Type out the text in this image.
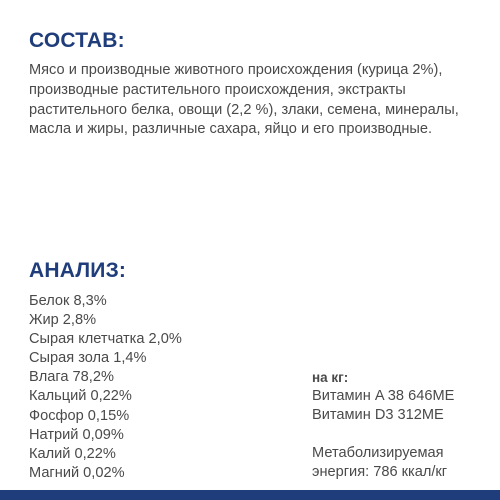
СОСТАВ:

Мясо и производные животного происхождения (курица 2%), производные растительного происхождения, экстракты растительного белка, овощи (2,2 %), злаки, семена, минералы, масла и жиры, различные сахара, яйцо и его производные.

АНАЛИЗ:
Белок 8,3%
Жир 2,8%
Сырая клетчатка 2,0%
Сырая зола 1,4%
Влага 78,2%
Кальций 0,22%
Фосфор 0,15%
Натрий 0,09%
Калий 0,22%
Магний 0,02%
на кг:
Витамин A 38 646МЕ
Витамин D3 312МЕ
Метаболизируемая
энергия: 786 ккал/кг
